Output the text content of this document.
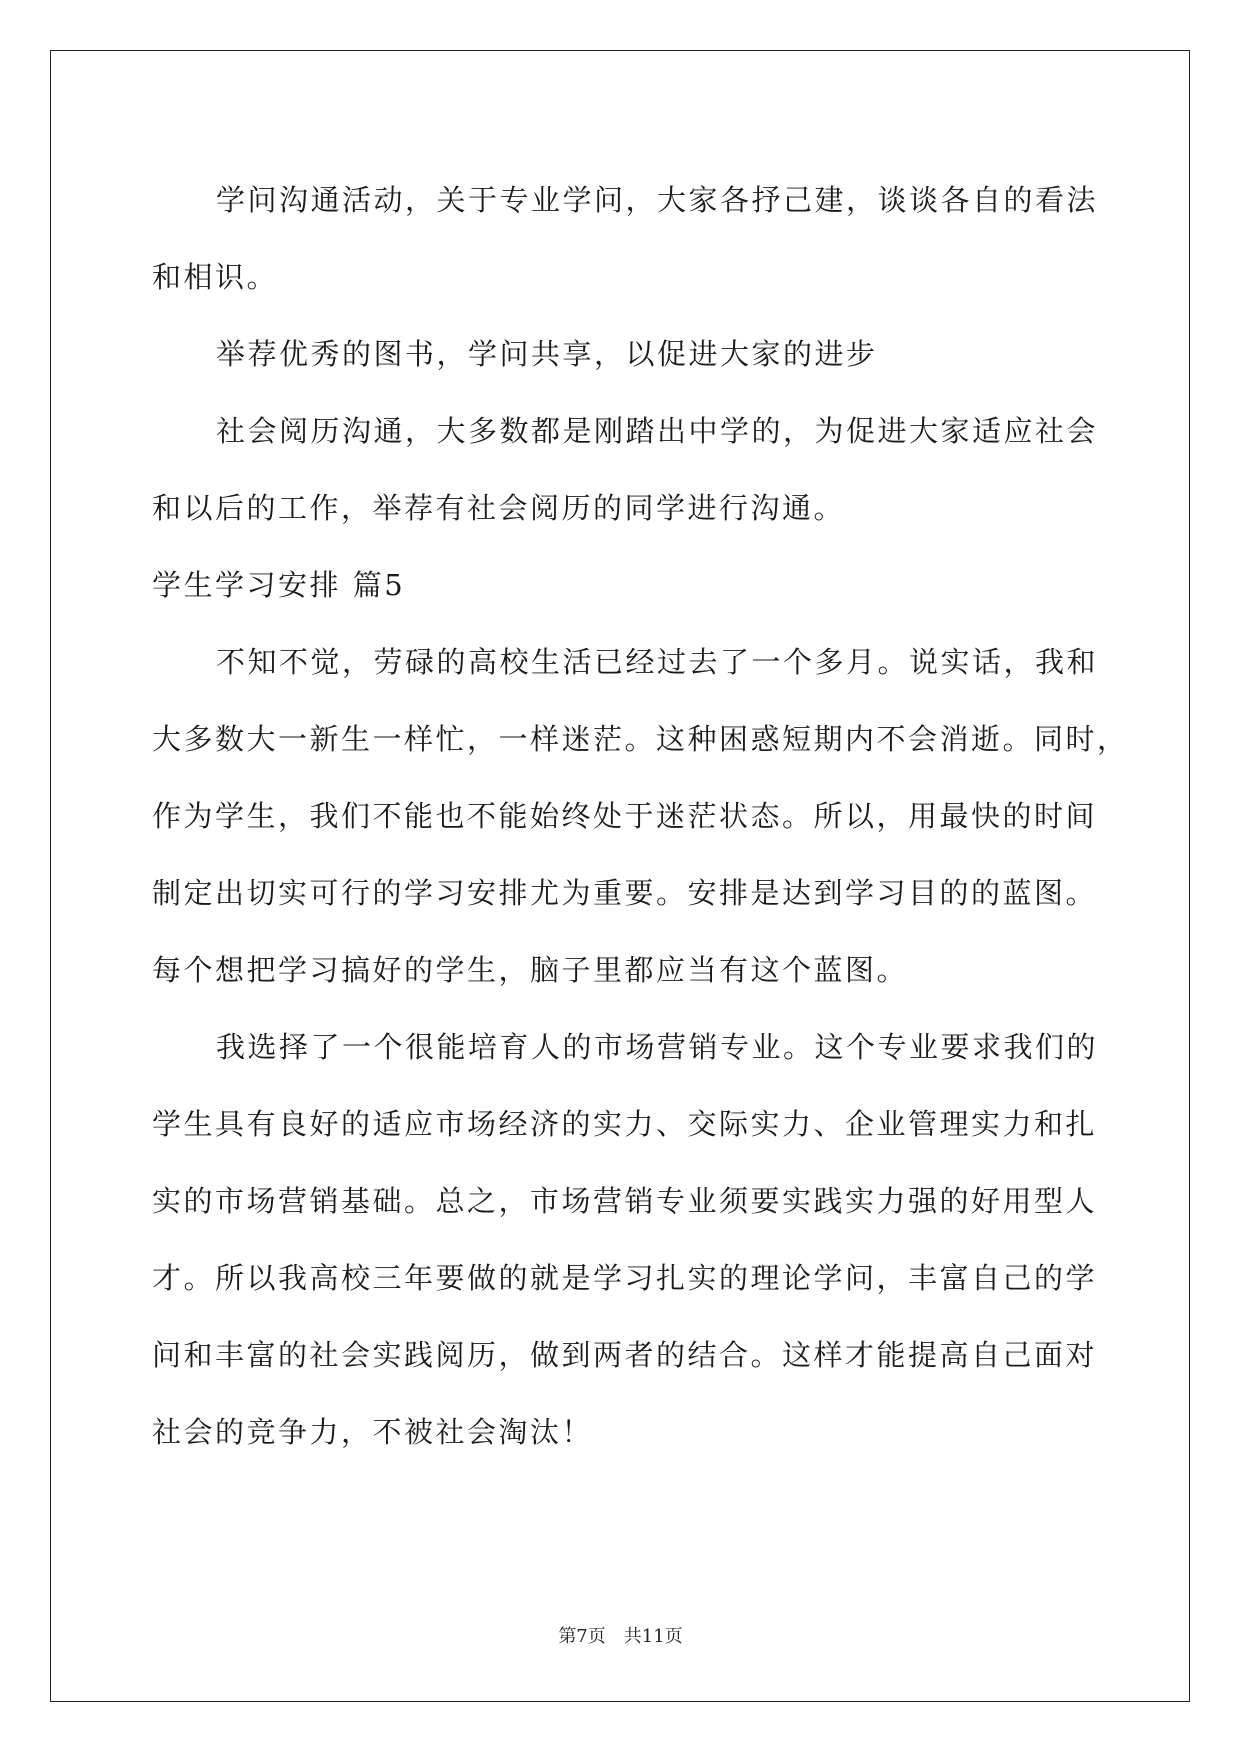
学问沟通活动，关于专业学问，大家各抒己建，谈谈各自的看法
和相识。
举荐优秀的图书，学问共享，以促进大家的进步
社会阅历沟通，大多数都是刚踏出中学的，为促进大家适应社会
和以后的工作，举荐有社会阅历的同学进行沟通。
学生学习安排 篇5
不知不觉，劳碌的高校生活已经过去了一个多月。说实话，我和
大多数大一新生一样忙，一样迷茫。这种困惑短期内不会消逝。同时，
作为学生，我们不能也不能始终处于迷茫状态。所以，用最快的时间
制定出切实可行的学习安排尤为重要。安排是达到学习目的的蓝图。
每个想把学习搞好的学生，脑子里都应当有这个蓝图。
我选择了一个很能培育人的市场营销专业。这个专业要求我们的
学生具有良好的适应市场经济的实力、交际实力、企业管理实力和扎
实的市场营销基础。总之，市场营销专业须要实践实力强的好用型人
才。所以我高校三年要做的就是学习扎实的理论学问，丰富自己的学
问和丰富的社会实践阅历，做到两者的结合。这样才能提高自己面对
社会的竞争力，不被社会淘汰！
第7页　共11页
